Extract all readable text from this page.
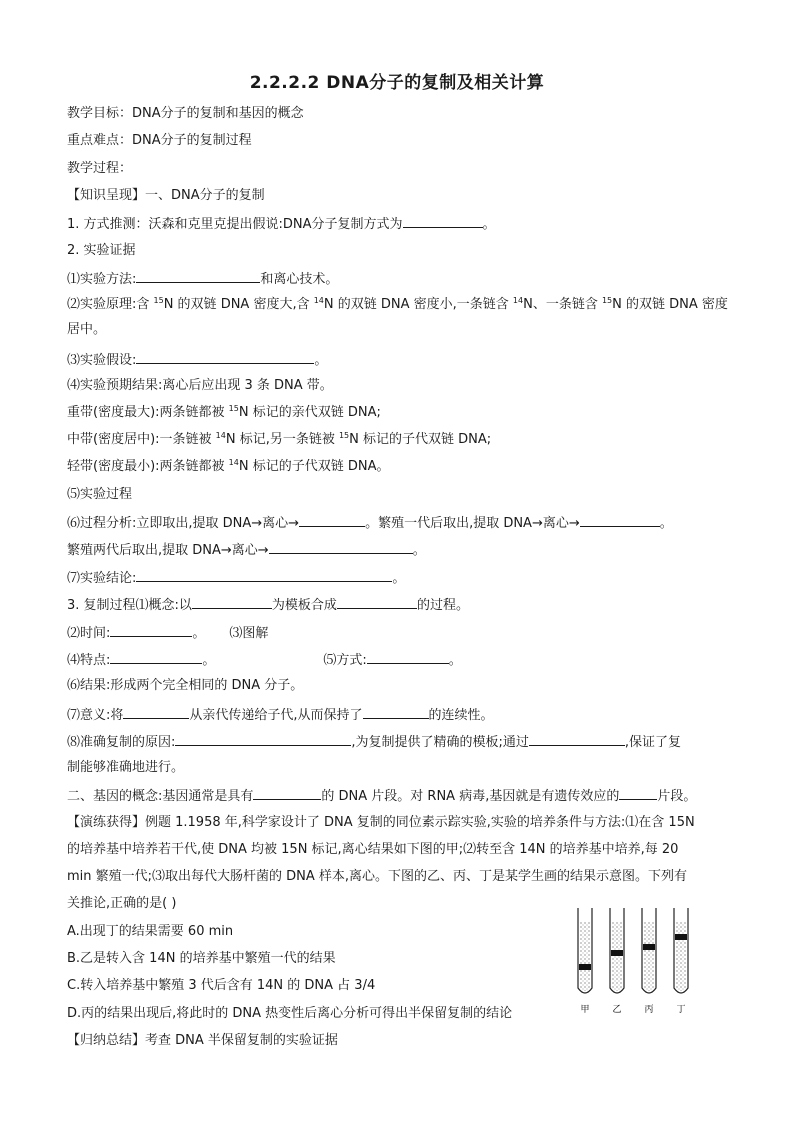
2.2.2.2 DNA分子的复制及相关计算
教学目标：DNA分子的复制和基因的概念
重点难点：DNA分子的复制过程
教学过程：
【知识呈现】一、DNA分子的复制
1. 方式推测：沃森和克里克提出假说:DNA分子复制方式为	。
2. 实验证据
⑴实验方法:	和离心技术。
⑵实验原理:含 $^{15}$N 的双链 DNA 密度大,含 $^{14}$N 的双链 DNA 密度小,一条链含 $^{14}$N、一条链含 $^{15}$N 的双链 DNA 密度
居中。
⑶实验假设:	。
⑷实验预期结果:离心后应出现 3 条 DNA 带。
重带(密度最大):两条链都被 $^{15}$N 标记的亲代双链 DNA;
中带(密度居中):一条链被 $^{14}$N 标记,另一条链被 $^{15}$N 标记的子代双链 DNA;
轻带(密度最小):两条链都被 $^{14}$N 标记的子代双链 DNA。
⑸实验过程
⑹过程分析:立即取出,提取 DNA→离心→	。繁殖一代后取出,提取 DNA→离心→	。
繁殖两代后取出,提取 DNA→离心→	。
⑺实验结论:	。
3. 复制过程⑴概念:以	为模板合成	的过程。
⑵时间:	。 ⑶图解
⑷特点:	。	⑸方式:	。
⑹结果:形成两个完全相同的 DNA 分子。
⑺意义:将	从亲代传递给子代,从而保持了	的连续性。
⑻准确复制的原因:	,为复制提供了精确的模板;通过	,保证了复
制能够准确地进行。
二、基因的概念:基因通常是具有	的 DNA 片段。对 RNA 病毒,基因就是有遗传效应的	片段。
【演练获得】例题 1.1958 年,科学家设计了 DNA 复制的同位素示踪实验,实验的培养条件与方法:⑴在含 15N
的培养基中培养若干代,使 DNA 均被 15N 标记,离心结果如下图的甲;⑵转至含 14N 的培养基中培养,每 20
min 繁殖一代;⑶取出每代大肠杆菌的 DNA 样本,离心。下图的乙、丙、丁是某学生画的结果示意图。下列有
关推论,正确的是( )
A.出现丁的结果需要 60 min
B.乙是转入含 14N 的培养基中繁殖一代的结果
C.转入培养基中繁殖 3 代后含有 14N 的 DNA 占 3/4
D.丙的结果出现后,将此时的 DNA 热变性后离心分析可得出半保留复制的结论
【归纳总结】考查 DNA 半保留复制的实验证据
甲	乙	丙	丁
